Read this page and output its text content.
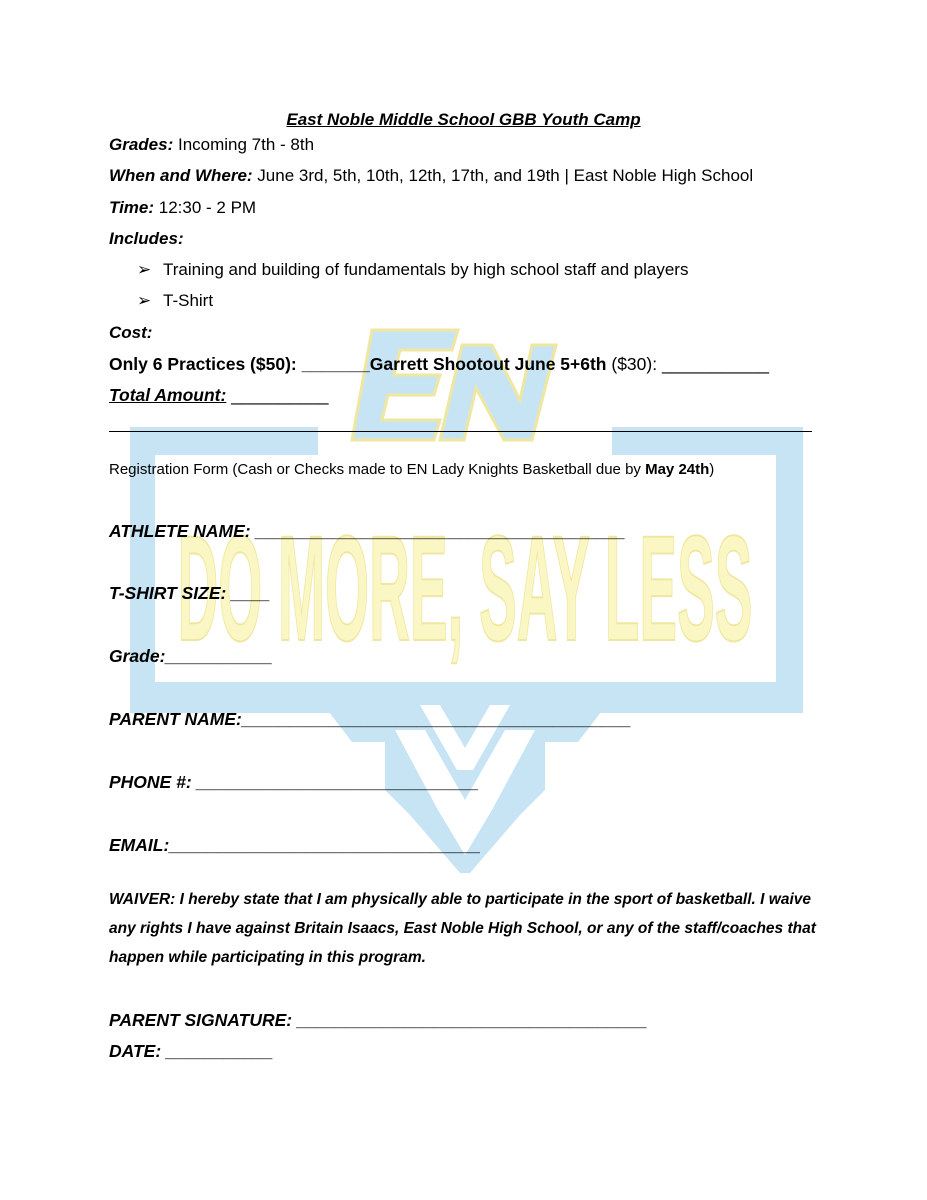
DO MORE, SAY LESS
East Noble Middle School GBB Youth Camp
Grades: Incoming 7th - 8th
When and Where: June 3rd, 5th, 10th, 12th, 17th, and 19th | East Noble High School
Time: 12:30 - 2 PM
Includes:
➢ Training and building of fundamentals by high school staff and players
➢ T-Shirt
Cost:
Only 6 Practices ($50): _______Garrett Shootout June 5+6th ($30): ___________
Total Amount: __________
Registration Form (Cash or Checks made to EN Lady Knights Basketball due by May 24th)
ATHLETE NAME: ______________________________________
T-SHIRT SIZE: ____
Grade:___________
PARENT NAME:________________________________________
PHONE #: _____________________________
EMAIL:________________________________
WAIVER: I hereby state that I am physically able to participate in the sport of basketball. I waive any rights I have against Britain Isaacs, East Noble High School, or any of the staff/coaches that happen while participating in this program.
PARENT SIGNATURE: ____________________________________
DATE: ___________
